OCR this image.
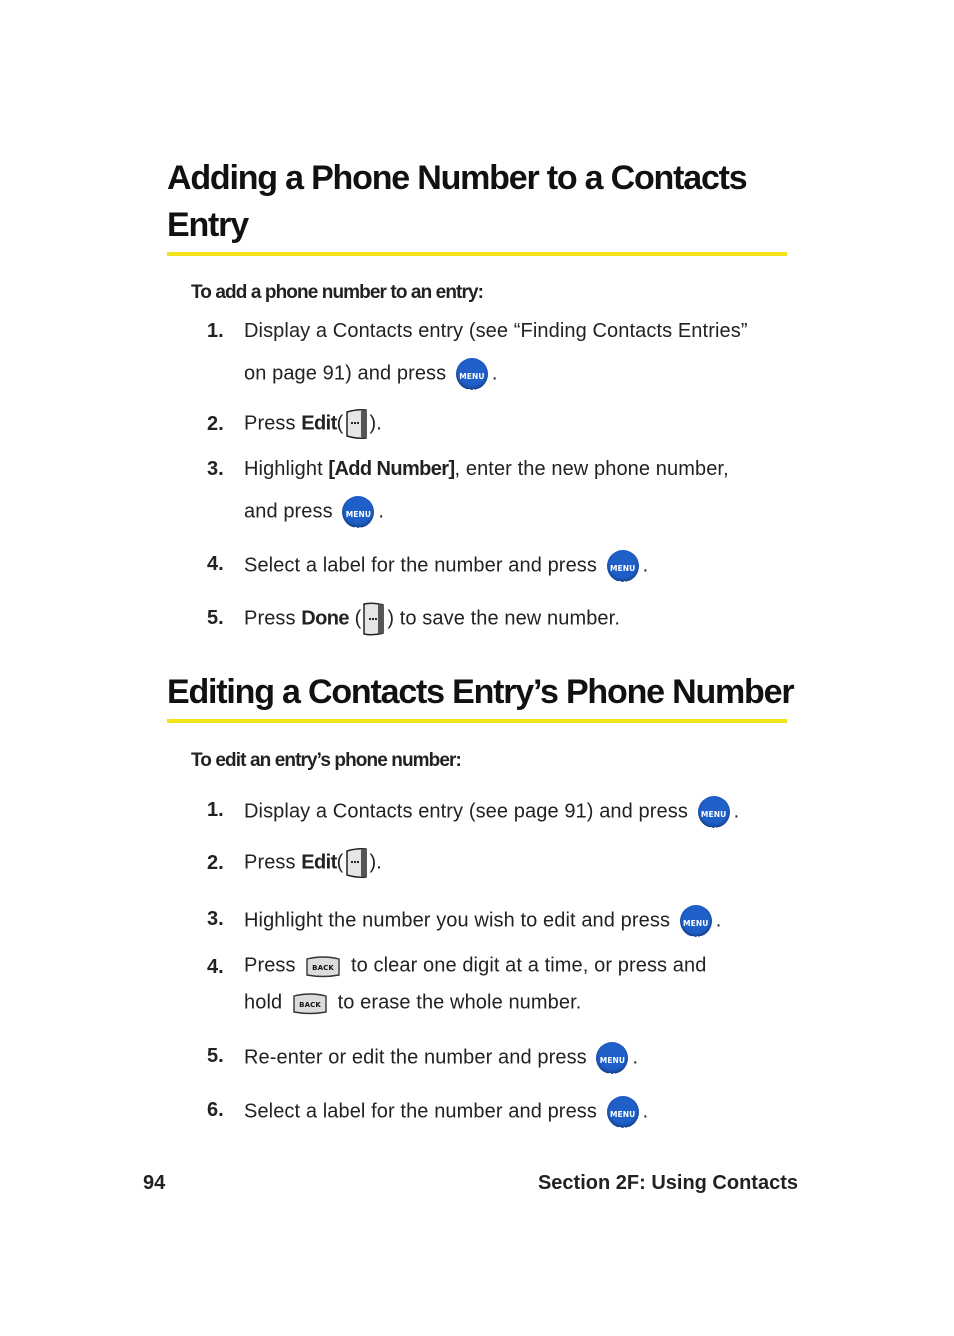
Adding a Phone Number to a Contacts
Entry
To add a phone number to an entry:
1. Display a Contacts entry (see “Finding Contacts Entries”
on page 91) and press	MENU
OK
.
2. Press Edit( ).
3. Highlight [Add Number], enter the new phone number,
and press	MENU
OK
.
4. Select a label for the number and press	MENU
OK
.
5. Press Done ( ) to save the new number.
Editing a Contacts Entry’s Phone Number
To edit an entry’s phone number:
1. Display a Contacts entry (see page 91) and press	MENU
OK
.
2. Press Edit( ).
3. Highlight the number you wish to edit and press	MENU
OK
.
4. Press BACK to clear one digit at a time, or press and
hold BACK to erase the whole number.
5. Re-enter or edit the number and press	MENU
OK
.
6. Select a label for the number and press	MENU
OK
.
94	Section 2F: Using Contacts
